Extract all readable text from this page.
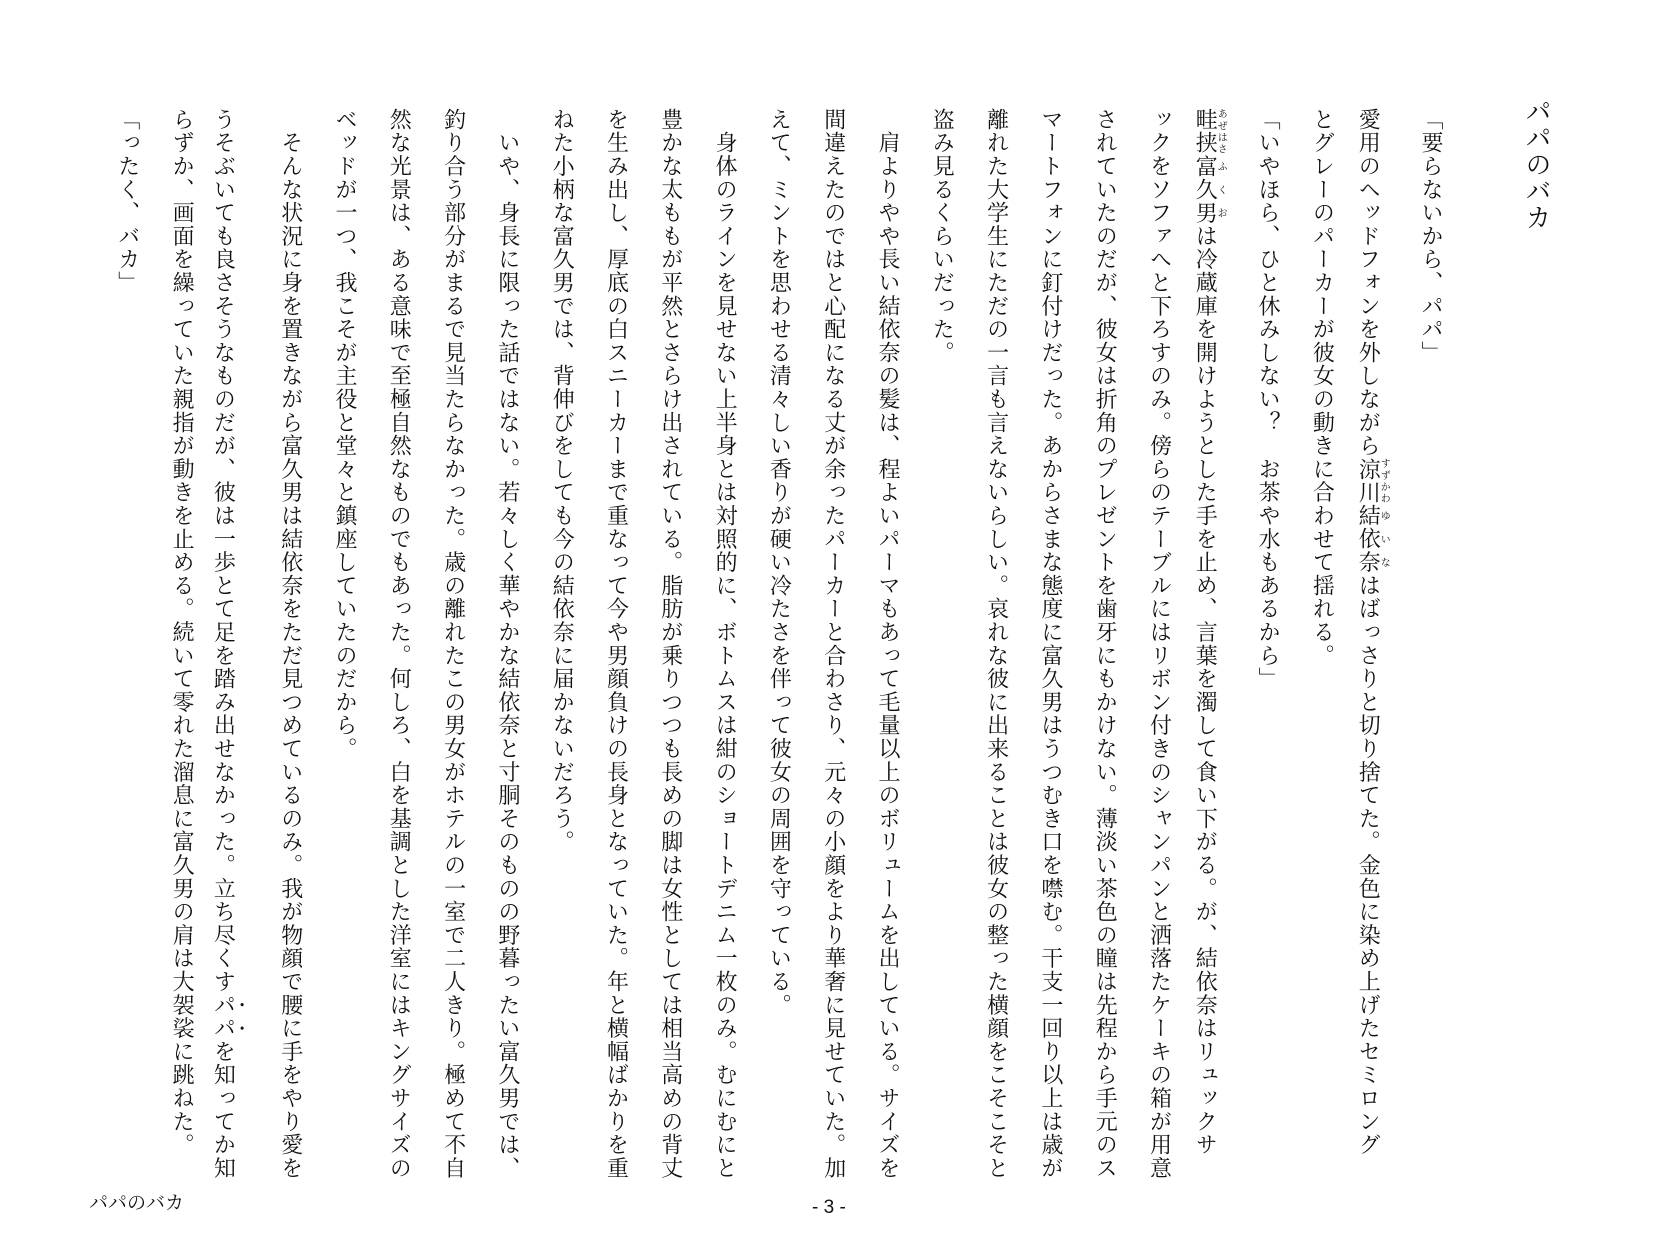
パパのバカ
「要らないから、パパ」
愛用のヘッドフォンを外しながら涼川すずかわ結依奈ゆいなはばっさりと切り捨てた。金色に染め上げたセミロング
とグレーのパーカーが彼女の動きに合わせて揺れる。
「いやほら、ひと休みしない？　お茶や水もあるから」
畦挟あぜはさ富久男ふくおは冷蔵庫を開けようとした手を止め、言葉を濁して食い下がる。が、結依奈はリュックサ
ックをソファへと下ろすのみ。傍らのテーブルにはリボン付きのシャンパンと洒落たケーキの箱が用意
されていたのだが、彼女は折角のプレゼントを歯牙にもかけない。薄淡い茶色の瞳は先程から手元のス
マートフォンに釘付けだった。あからさまな態度に富久男はうつむき口を噤む。干支一回り以上は歳が
離れた大学生にただの一言も言えないらしい。哀れな彼に出来ることは彼女の整った横顔をこそこそと
盗み見るくらいだった。
　肩よりやや長い結依奈の髪は、程よいパーマもあって毛量以上のボリュームを出している。サイズを
間違えたのではと心配になる丈が余ったパーカーと合わさり、元々の小顔をより華奢に見せていた。加
えて、ミントを思わせる清々しい香りが硬い冷たさを伴って彼女の周囲を守っている。
　身体のラインを見せない上半身とは対照的に、ボトムスは紺のショートデニム一枚のみ。むにむにと
豊かな太ももが平然とさらけ出されている。脂肪が乗りつつも長めの脚は女性としては相当高めの背丈
を生み出し、厚底の白スニーカーまで重なって今や男顔負けの長身となっていた。年と横幅ばかりを重
ねた小柄な富久男では、背伸びをしても今の結依奈に届かないだろう。
　いや、身長に限った話ではない。若々しく華やかな結依奈と寸胴そのものの野暮ったい富久男では、
釣り合う部分がまるで見当たらなかった。歳の離れたこの男女がホテルの一室で二人きり。極めて不自
然な光景は、ある意味で至極自然なものでもあった。何しろ、白を基調とした洋室にはキングサイズの
ベッドが一つ、我こそが主役と堂々と鎮座していたのだから。
　そんな状況に身を置きながら富久男は結依奈をただ見つめているのみ。我が物顔で腰に手をやり愛を
うそぶいても良さそうなものだが、彼は一歩とて足を踏み出せなかった。立ち尽くすパパを知ってか知
らずか、画面を繰っていた親指が動きを止める。続いて零れた溜息に富久男の肩は大袈裟に跳ねた。
「ったく、バカ」
パパのバカ	- 3 -
